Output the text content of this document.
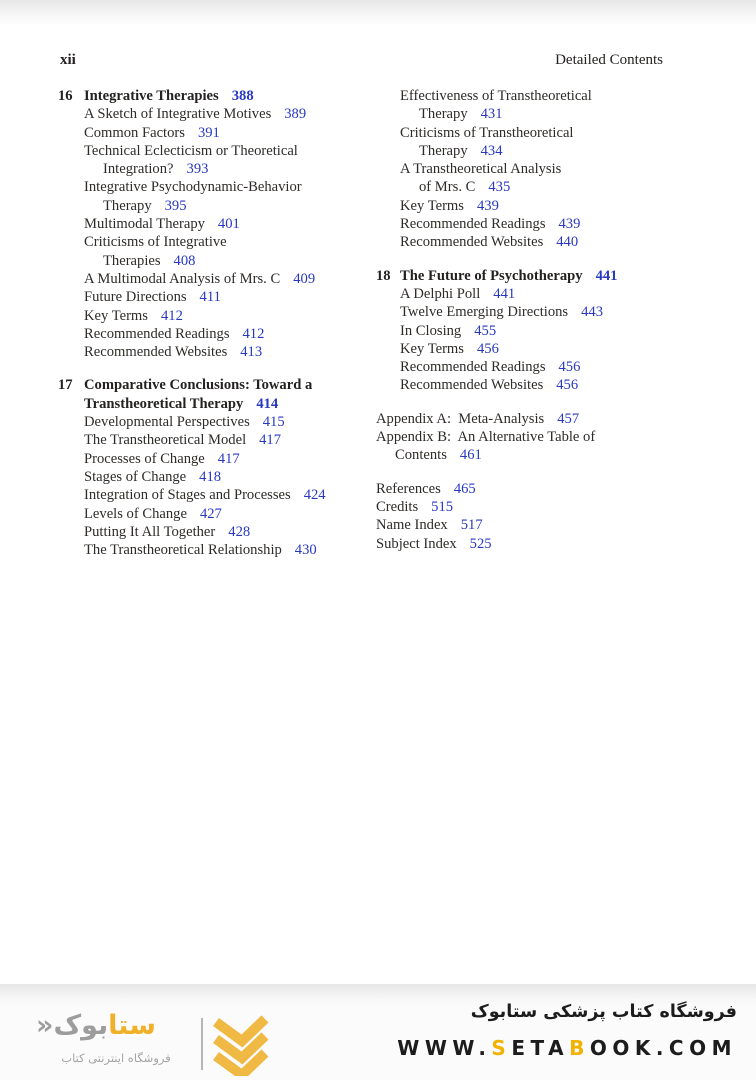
xii	Detailed Contents
16 Integrative Therapies 388
A Sketch of Integrative Motives 389
Common Factors 391
Technical Eclecticism or Theoretical
Integration? 393
Integrative Psychodynamic-Behavior
Therapy 395
Multimodal Therapy 401
Criticisms of Integrative
Therapies 408
A Multimodal Analysis of Mrs. C 409
Future Directions 411
Key Terms 412
Recommended Readings 412
Recommended Websites 413
17 Comparative Conclusions: Toward a
Transtheoretical Therapy 414
Developmental Perspectives 415
The Transtheoretical Model 417
Processes of Change 417
Stages of Change 418
Integration of Stages and Processes 424
Levels of Change 427
Putting It All Together 428
The Transtheoretical Relationship 430
Effectiveness of Transtheoretical
Therapy 431
Criticisms of Transtheoretical
Therapy 434
A Transtheoretical Analysis
of Mrs. C 435
Key Terms 439
Recommended Readings 439
Recommended Websites 440
18 The Future of Psychotherapy 441
A Delphi Poll 441
Twelve Emerging Directions 443
In Closing 455
Key Terms 456
Recommended Readings 456
Recommended Websites 456
Appendix A:  Meta-Analysis 457
Appendix B:  An Alternative Table of
Contents 461
References 465
Credits 515
Name Index 517
Subject Index 525
ستابوک«
فروشگاه اینترنتی کتاب
فروشگاه کتاب پزشکی ستابوک
WWW.SETABOOK.COM
